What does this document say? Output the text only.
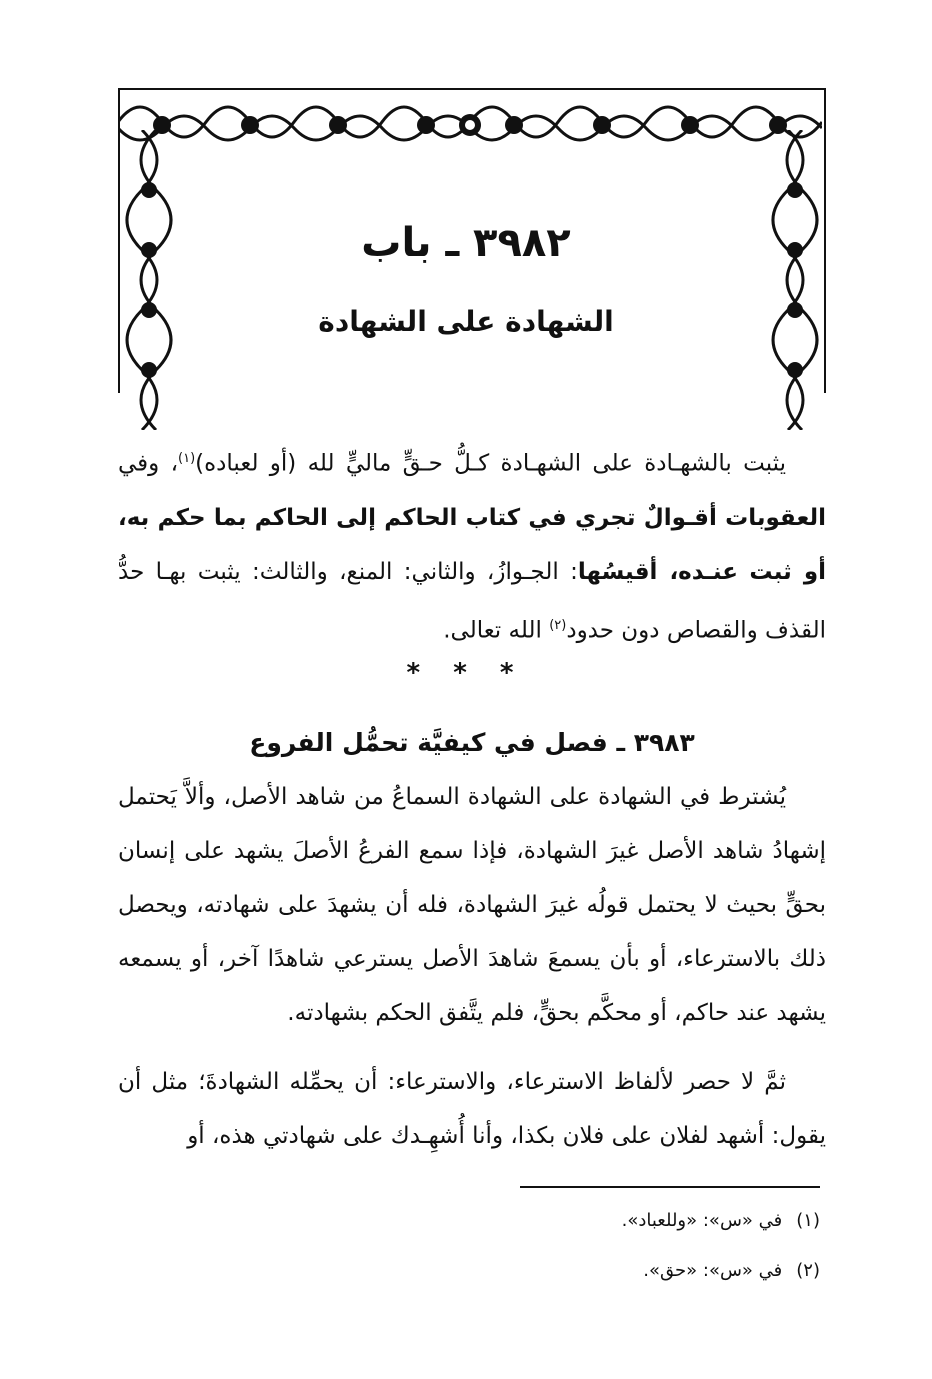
٣٩٨٢ ـ باب
الشهادة على الشهادة
يثبت بالشهـادة على الشهـادة كـلُّ حـقٍّ ماليٍّ لله (أو لعباده)$^{(١)}$، وفي العقوبات أقـوالٌ تجري في كتاب الحاكم إلى الحاكم بما حكم به، أو ثبت عنـده، أقيسُها: الجـوازُ، والثاني: المنع، والثالث: يثبت بهـا حدُّ القذف والقصاص دون حدود$^{(٢)}$ الله تعالى.
* * *
٣٩٨٣ ـ فصل في كيفيَّة تحمُّل الفروع
يُشترط في الشهادة على الشهادة السماعُ من شاهد الأصل، وألاَّ يَحتمل إشهادُ شاهد الأصل غيرَ الشهادة، فإذا سمع الفرعُ الأصلَ يشهد على إنسان بحقٍّ بحيث لا يحتمل قولُه غيرَ الشهادة، فله أن يشهدَ على شهادته، ويحصل ذلك بالاسترعاء، أو بأن يسمعَ شاهدَ الأصل يسترعي شاهدًا آخر، أو يسمعه يشهد عند حاكم، أو محكَّم بحقٍّ، فلم يتَّفق الحكم بشهادته.
ثمَّ لا حصر لألفاظ الاسترعاء، والاسترعاء: أن يحمِّله الشهادةَ؛ مثل أن يقول: أشهد لفلان على فلان بكذا، وأنا أُشهِـدك على شهادتي هذه، أو
(١)في «س»: «وللعباد».
(٢)في «س»: «حق».
